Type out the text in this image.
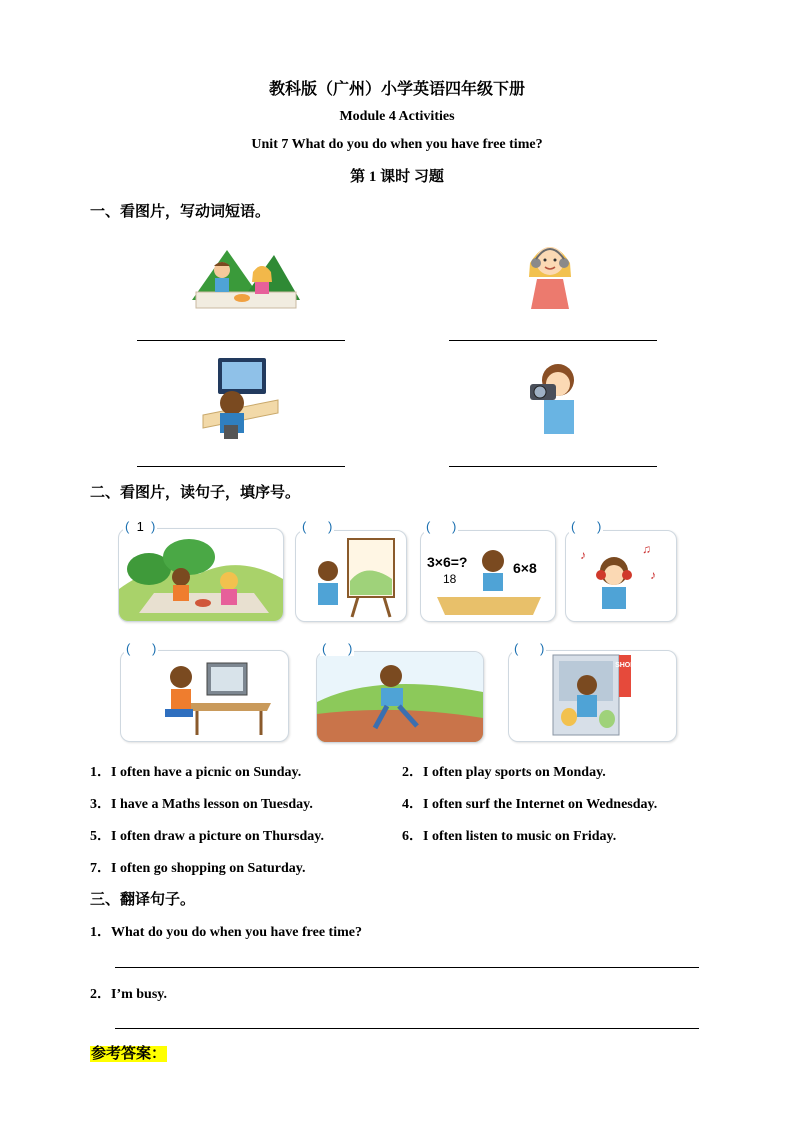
教科版（广州）小学英语四年级下册
Module 4 Activities
Unit 7 What do you do when you have free time?
第 1 课时 习题
一、看图片，写动词短语。
二、看图片，读句子，填序号。
(  1  )	(      )
3×6=?
18
6×8
(      )
♪	♫
♪
(      )
(      )	(      )
SHOP
(      )
1．I often have a picnic on Sunday.	2．I often play sports on Monday.
3．I have a Maths lesson on Tuesday.	4．I often surf the Internet on Wednesday.
5．I often draw a picture on Thursday.	6．I often listen to music on Friday.
7．I often go shopping on Saturday.
三、翻译句子。
1．What do you do when you have free time?
2．I’m busy.
参考答案：
